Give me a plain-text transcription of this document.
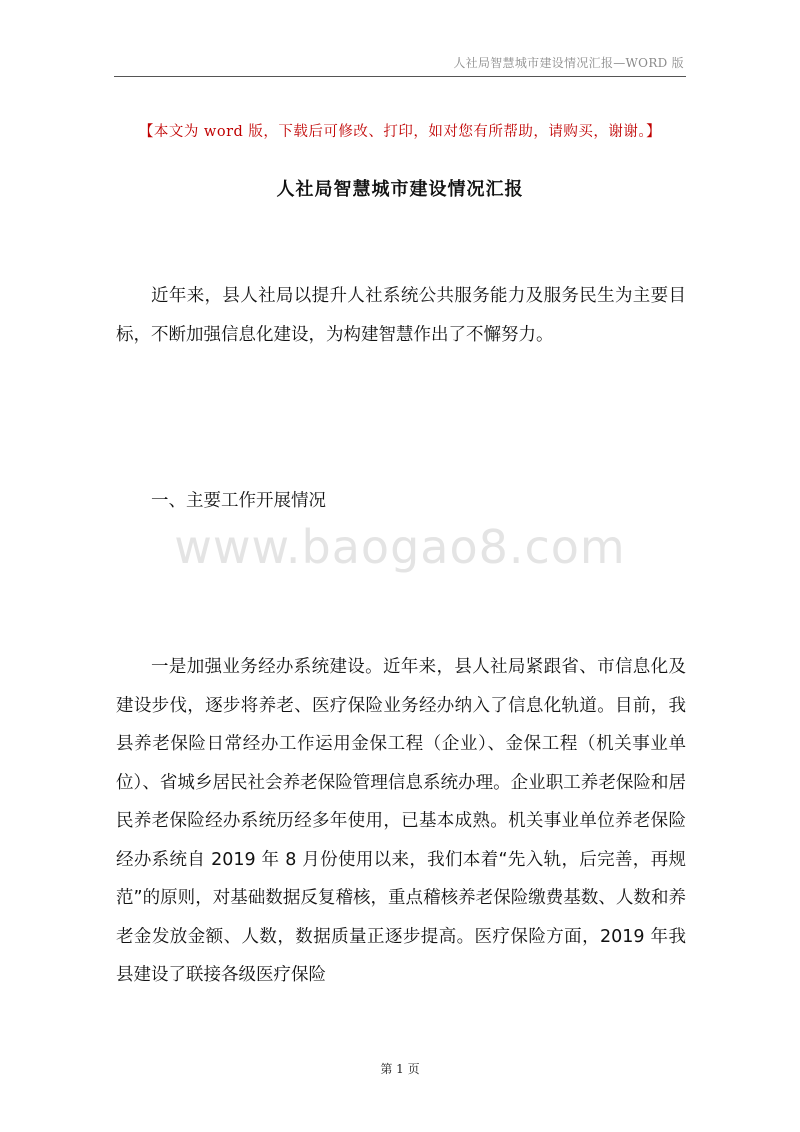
人社局智慧城市建设情况汇报—WORD 版
【本文为 word 版，下载后可修改、打印，如对您有所帮助，请购买，谢谢。】
人社局智慧城市建设情况汇报

近年来，县人社局以提升人社系统公共服务能力及服务民生为主要目标，不断加强信息化建设，为构建智慧作出了不懈努力。

一、主要工作开展情况

www.baogao8.com

一是加强业务经办系统建设。近年来，县人社局紧跟省、市信息化及建设步伐，逐步将养老、医疗保险业务经办纳入了信息化轨道。目前，我县养老保险日常经办工作运用金保工程（企业）、金保工程（机关事业单位）、省城乡居民社会养老保险管理信息系统办理。企业职工养老保险和居民养老保险经办系统历经多年使用，已基本成熟。机关事业单位养老保险经办系统自 2019 年 8 月份使用以来，我们本着“先入轨，后完善，再规范”的原则，对基础数据反复稽核，重点稽核养老保险缴费基数、人数和养老金发放金额、人数，数据质量正逐步提高。医疗保险方面，2019 年我县建设了联接各级医疗保险

第 1 页
